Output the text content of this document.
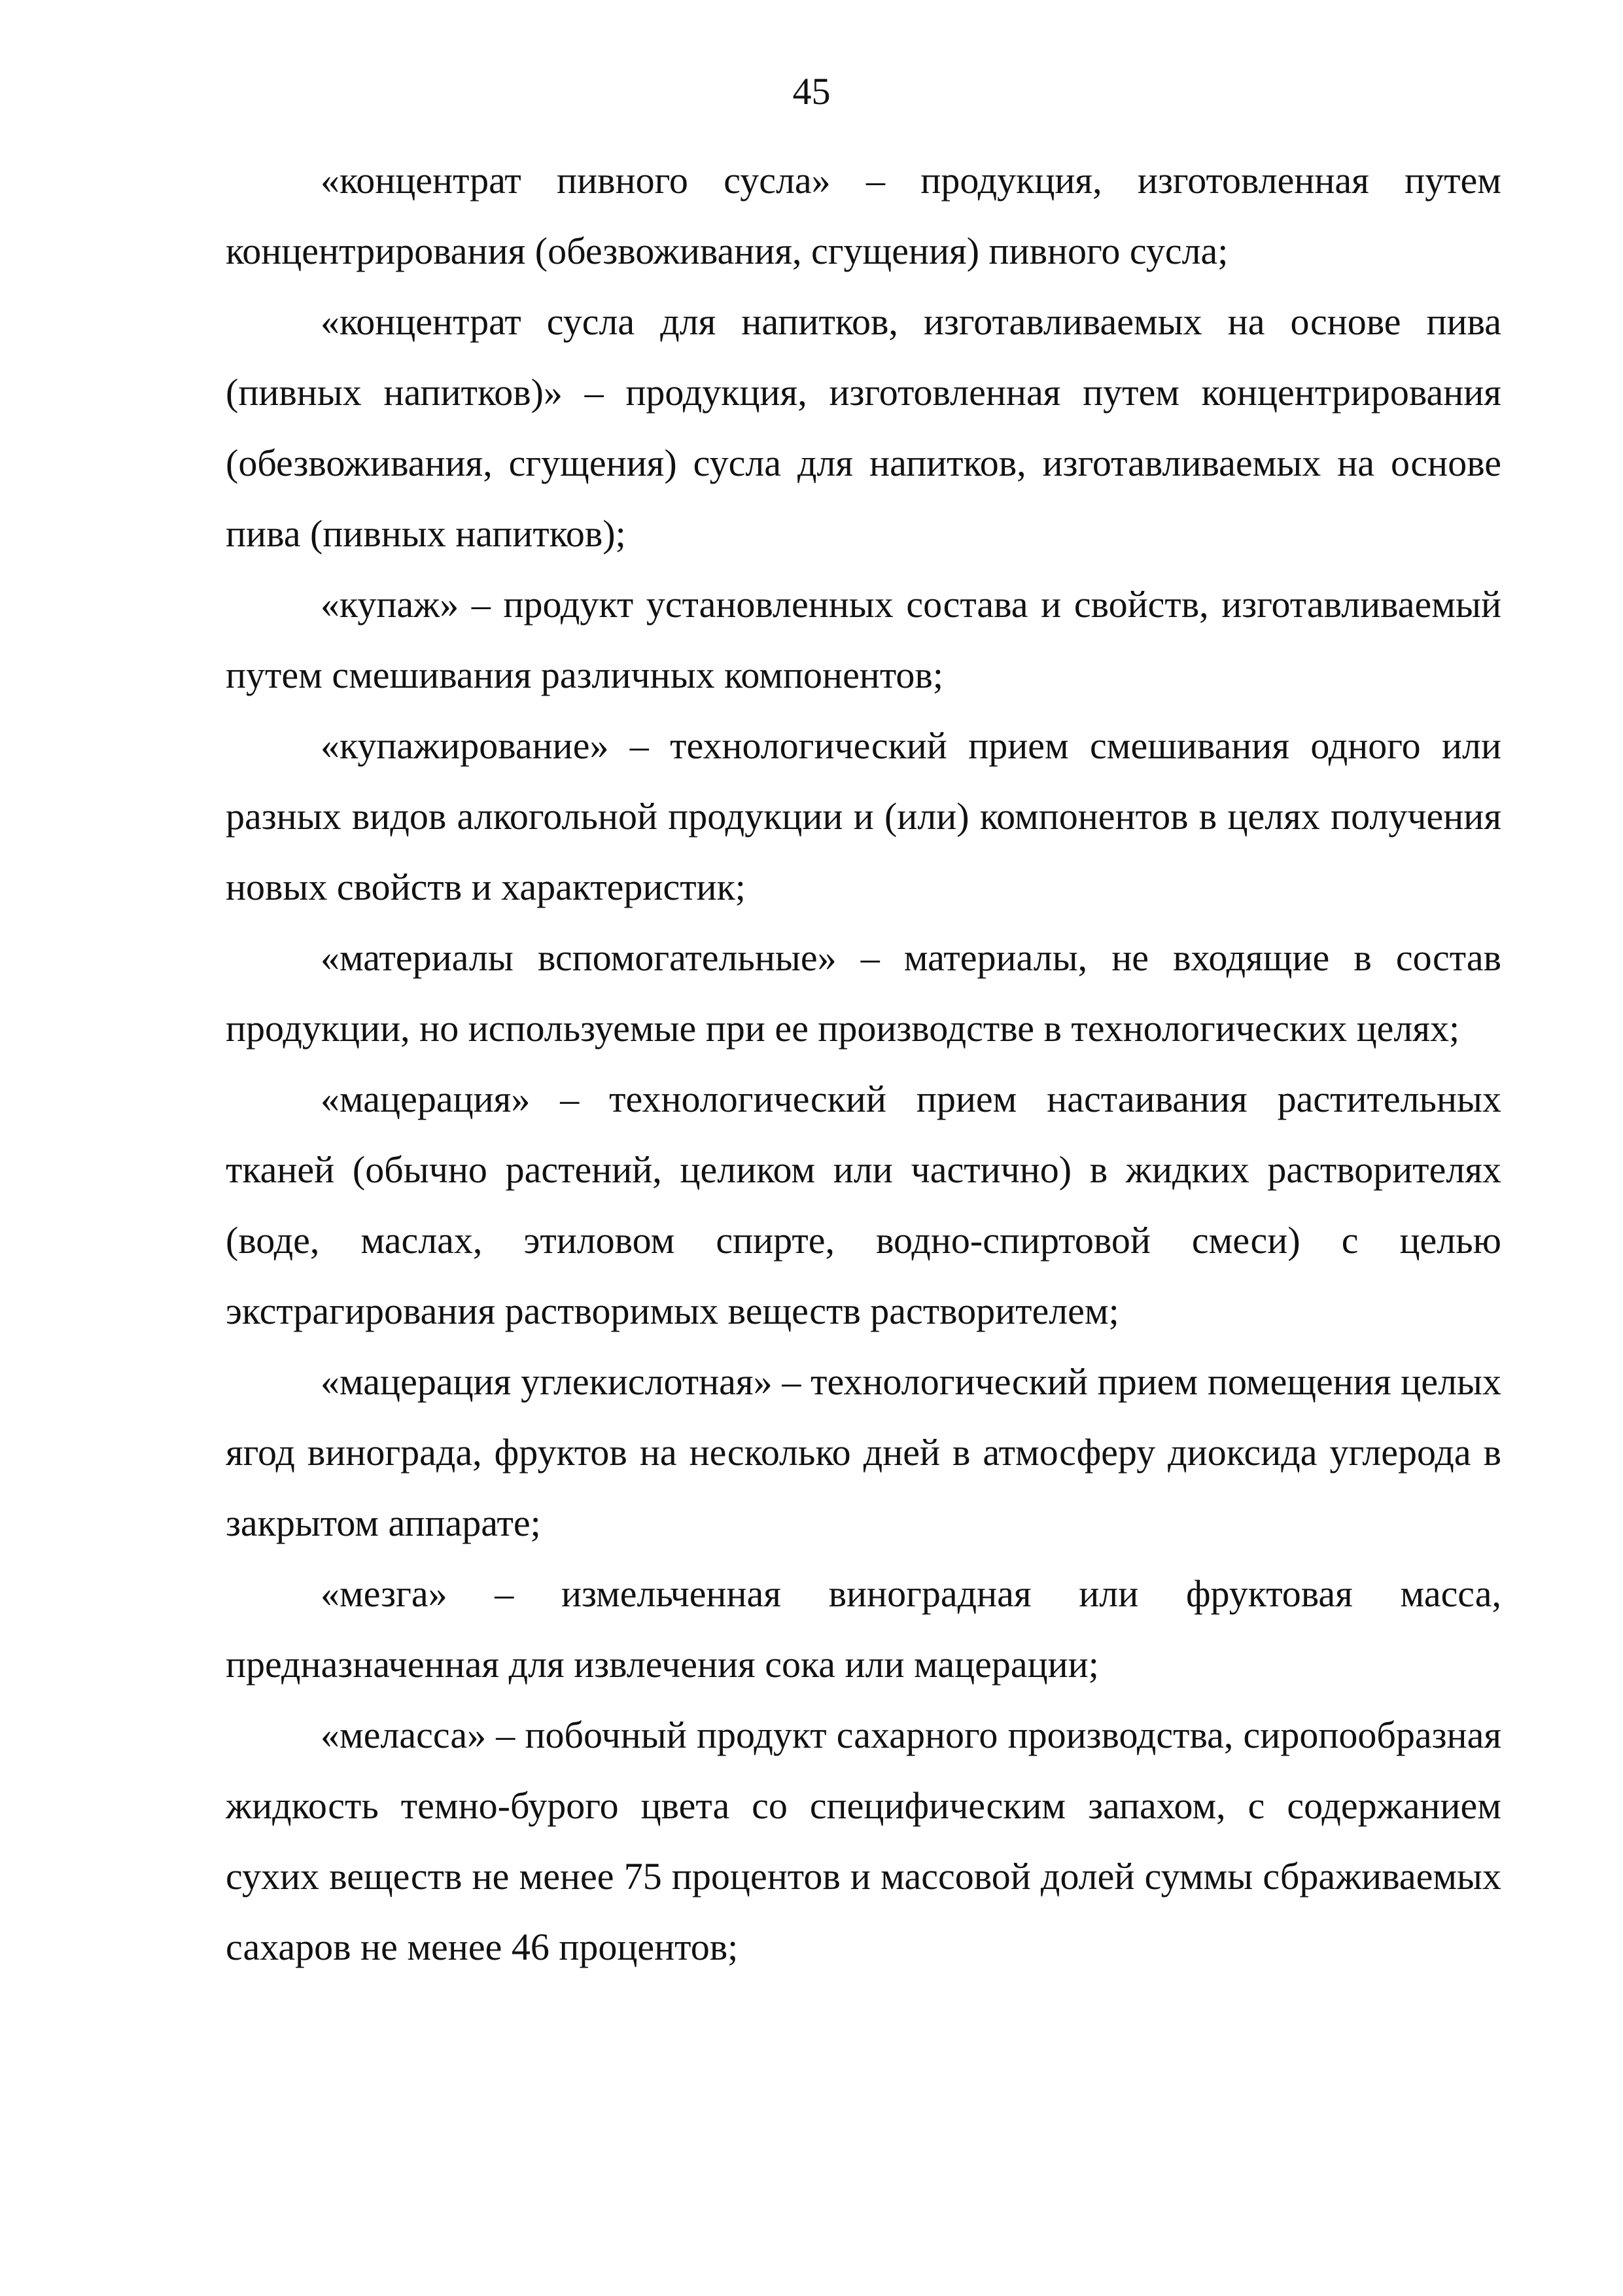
45

«концентрат пивного сусла» – продукция, изготовленная путем концентрирования (обезвоживания, сгущения) пивного сусла;

«концентрат сусла для напитков, изготавливаемых на основе пива (пивных напитков)» – продукция, изготовленная путем концентрирования (обезвоживания, сгущения) сусла для напитков, изготавливаемых на основе пива (пивных напитков);

«купаж» – продукт установленных состава и свойств, изготавливаемый путем смешивания различных компонентов;

«купажирование» – технологический прием смешивания одного или разных видов алкогольной продукции и (или) компонентов в целях получения новых свойств и характеристик;

«материалы вспомогательные» – материалы, не входящие в состав продукции, но используемые при ее производстве в технологических целях;

«мацерация» – технологический прием настаивания растительных тканей (обычно растений, целиком или частично) в жидких растворителях (воде, маслах, этиловом спирте, водно-спиртовой смеси) с целью экстрагирования растворимых веществ растворителем;

«мацерация углекислотная» – технологический прием помещения целых ягод винограда, фруктов на несколько дней в атмосферу диоксида углерода в закрытом аппарате;

«мезга» – измельченная виноградная или фруктовая масса, предназначенная для извлечения сока или мацерации;

«меласса» – побочный продукт сахарного производства, сиропообразная жидкость темно-бурого цвета со специфическим запахом, с содержанием сухих веществ не менее 75 процентов и массовой долей суммы сбраживаемых сахаров не менее 46 процентов;
